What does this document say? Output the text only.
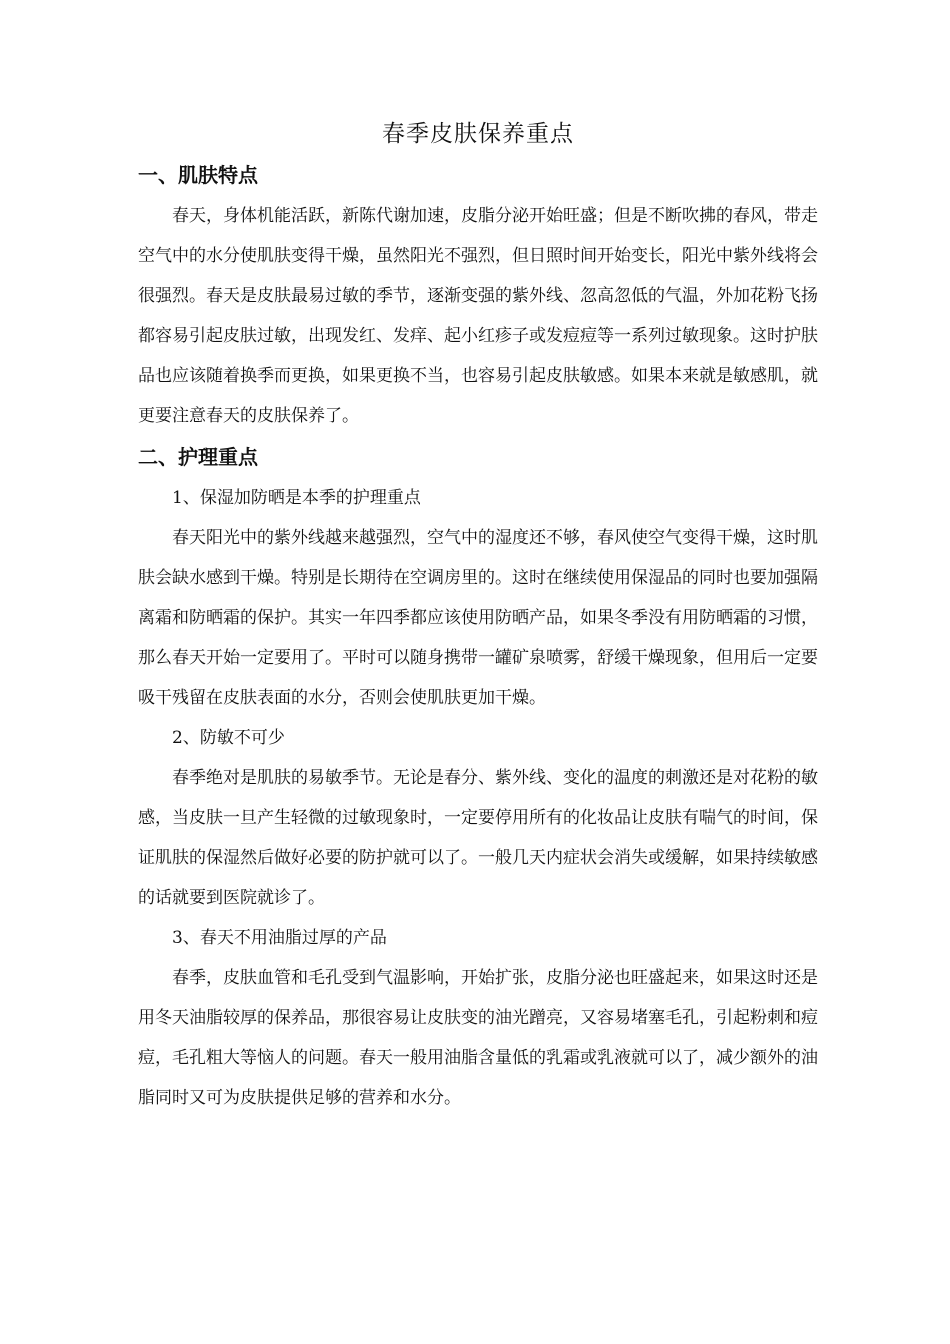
春季皮肤保养重点
一、肌肤特点

春天，身体机能活跃，新陈代谢加速，皮脂分泌开始旺盛；但是不断吹拂的春风，带走空气中的水分使肌肤变得干燥，虽然阳光不强烈，但日照时间开始变长，阳光中紫外线将会很强烈。春天是皮肤最易过敏的季节，逐渐变强的紫外线、忽高忽低的气温，外加花粉飞扬都容易引起皮肤过敏，出现发红、发痒、起小红疹子或发痘痘等一系列过敏现象。这时护肤品也应该随着换季而更换，如果更换不当，也容易引起皮肤敏感。如果本来就是敏感肌，就更要注意春天的皮肤保养了。

二、护理重点

1、保湿加防晒是本季的护理重点

春天阳光中的紫外线越来越强烈，空气中的湿度还不够，春风使空气变得干燥，这时肌肤会缺水感到干燥。特别是长期待在空调房里的。这时在继续使用保湿品的同时也要加强隔离霜和防晒霜的保护。其实一年四季都应该使用防晒产品，如果冬季没有用防晒霜的习惯，那么春天开始一定要用了。平时可以随身携带一罐矿泉喷雾，舒缓干燥现象，但用后一定要吸干残留在皮肤表面的水分，否则会使肌肤更加干燥。

2、防敏不可少

春季绝对是肌肤的易敏季节。无论是春分、紫外线、变化的温度的刺激还是对花粉的敏感，当皮肤一旦产生轻微的过敏现象时，一定要停用所有的化妆品让皮肤有喘气的时间，保证肌肤的保湿然后做好必要的防护就可以了。一般几天内症状会消失或缓解，如果持续敏感的话就要到医院就诊了。

3、春天不用油脂过厚的产品

春季，皮肤血管和毛孔受到气温影响，开始扩张，皮脂分泌也旺盛起来，如果这时还是用冬天油脂较厚的保养品，那很容易让皮肤变的油光蹭亮，又容易堵塞毛孔，引起粉刺和痘痘，毛孔粗大等恼人的问题。春天一般用油脂含量低的乳霜或乳液就可以了，减少额外的油脂同时又可为皮肤提供足够的营养和水分。
